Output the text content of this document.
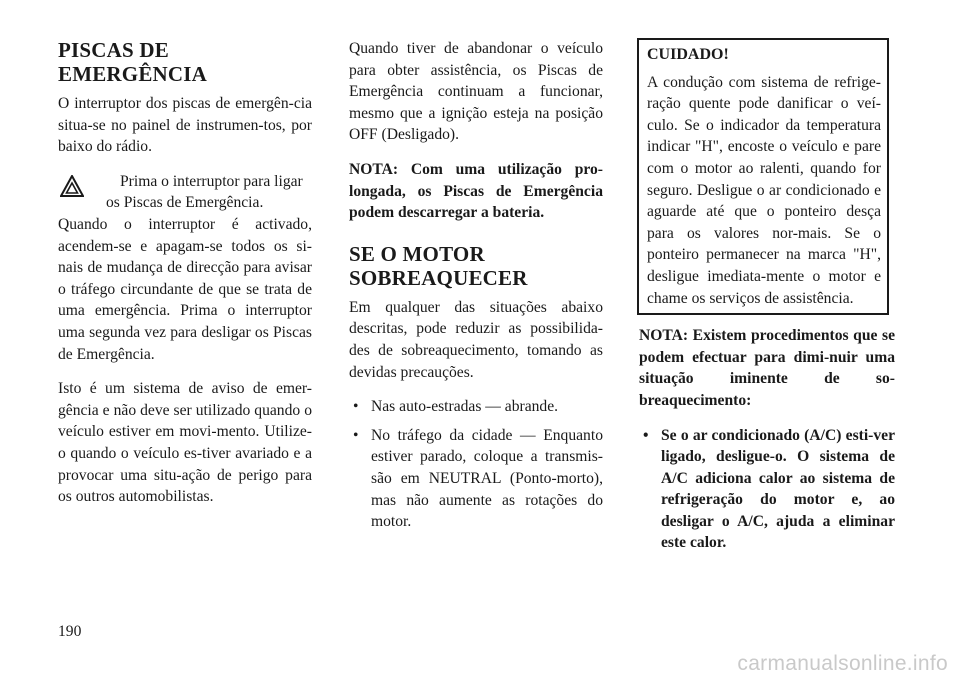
PISCAS DE
EMERGÊNCIA

O interruptor dos piscas de emergên-cia situa-se no painel de instrumen-tos, por baixo do rádio.

Prima o interruptor para ligar
os Piscas de Emergência.
Quando o interruptor é activado, acendem-se e apagam-se todos os si-nais de mudança de direcção para avisar o tráfego circundante de que se trata de uma emergência. Prima o interruptor uma segunda vez para desligar os Piscas de Emergência.

Isto é um sistema de aviso de emer-gência e não deve ser utilizado quando o veículo estiver em movi-mento. Utilize-o quando o veículo es-tiver avariado e a provocar uma situ-ação de perigo para os outros automobilistas.

Quando tiver de abandonar o veículo para obter assistência, os Piscas de Emergência continuam a funcionar, mesmo que a ignição esteja na posição OFF (Desligado).

NOTA: Com uma utilização pro-longada, os Piscas de Emergência podem descarregar a bateria.

SE O MOTOR
SOBREAQUECER

Em qualquer das situações abaixo descritas, pode reduzir as possibilida-des de sobreaquecimento, tomando as devidas precauções.

• Nas auto-estradas — abrande.
• No tráfego da cidade — Enquanto estiver parado, coloque a transmis-são em NEUTRAL (Ponto-morto), mas não aumente as rotações do motor.
CUIDADO!

A condução com sistema de refrige-ração quente pode danificar o veí-culo. Se o indicador da temperatura indicar "H", encoste o veículo e pare com o motor ao ralenti, quando for seguro. Desligue o ar condicionado e aguarde até que o ponteiro desça para os valores nor-mais. Se o ponteiro permanecer na marca "H", desligue imediata-mente o motor e chame os serviços de assistência.

NOTA: Existem procedimentos que se podem efectuar para dimi-nuir uma situação iminente de so-breaquecimento:

• Se o ar condicionado (A/C) esti-ver ligado, desligue-o. O sistema de A/C adiciona calor ao sistema de refrigeração do motor e, ao desligar o A/C, ajuda a eliminar este calor.
190
carmanualsonline.info
